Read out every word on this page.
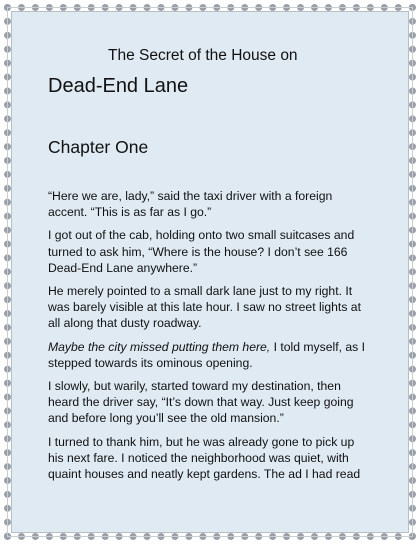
The Secret of the House on
Dead-End Lane
Chapter One

“Here we are, lady,” said the taxi driver with a foreign accent. “This is as far as I go.”

I got out of the cab, holding onto two small suitcases and turned to ask him, “Where is the house? I don’t see 166 Dead-End Lane anywhere.”

He merely pointed to a small dark lane just to my right. It was barely visible at this late hour. I saw no street lights at all along that dusty roadway.

Maybe the city missed putting them here, I told myself, as I stepped towards its ominous opening.

I slowly, but warily, started toward my destination, then heard the driver say, “It’s down that way. Just keep going and before long you’ll see the old mansion.”

I turned to thank him, but he was already gone to pick up his next fare. I noticed the neighborhood was quiet, with quaint houses and neatly kept gardens. The ad I had read
